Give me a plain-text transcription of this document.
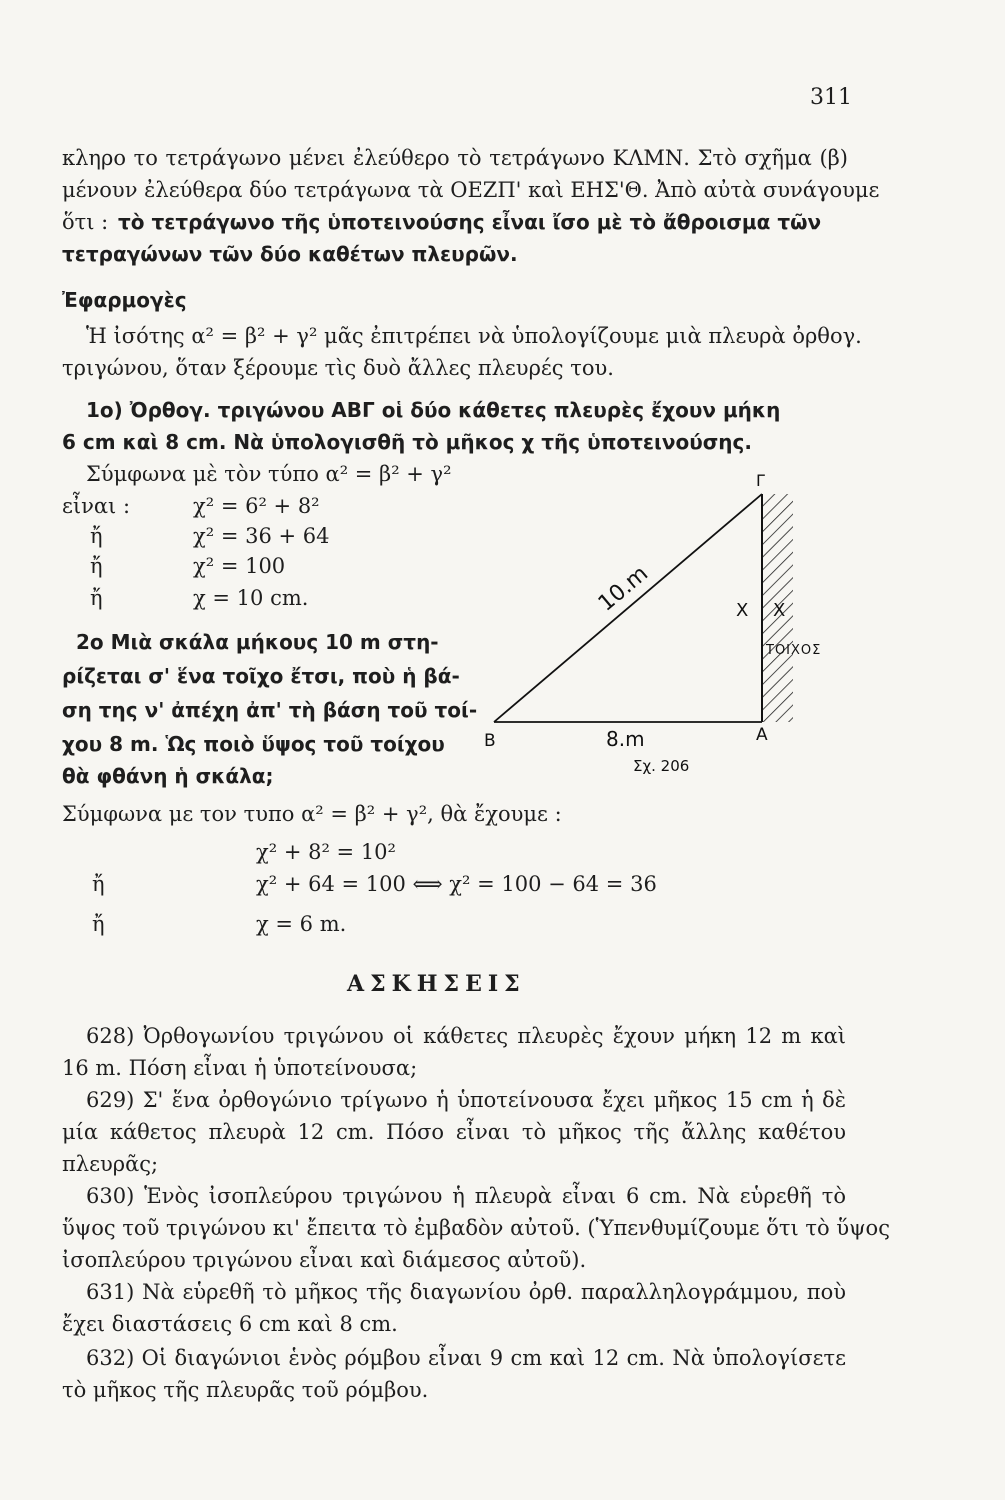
311
κληρο το τετράγωνο μένει ἐλεύθερο τὸ τετράγωνο ΚΛΜΝ. Στὸ σχῆμα (β)
μένουν ἐλεύθερα δύο τετράγωνα τὰ ΟΕΖΠ' καὶ ΕΗΣ'Θ. Ἀπὸ αὐτὰ συνάγουμε
ὅτι : τὸ τετράγωνο τῆς ὑποτεινούσης εἶναι ἴσο μὲ τὸ ἄθροισμα τῶν
τετραγώνων τῶν δύο καθέτων πλευρῶν.
Ἐφαρμογὲς
Ἡ ἰσότης α² = β² + γ² μᾶς ἐπιτρέπει νὰ ὑπολογίζουμε μιὰ πλευρὰ ὀρθογ.
τριγώνου, ὅταν ξέρουμε τὶς δυὸ ἄλλες πλευρές του.
1ο) Ὀρθογ. τριγώνου ΑΒΓ οἱ δύο κάθετες πλευρὲς ἔχουν μήκη
6 cm καὶ 8 cm. Νὰ ὑπολογισθῆ τὸ μῆκος χ τῆς ὑποτεινούσης.
Σύμφωνα μὲ τὸν τύπο α² = β² + γ²
εἶναι :	χ² = 6² + 8²
ἤ	χ² = 36 + 64
ἤ	χ² = 100
ἤ	χ = 10 cm.
2ο Μιὰ σκάλα μήκους 10 m στη-
ρίζεται σ' ἕνα τοῖχο ἔτσι, ποὺ ἡ βά-
ση της ν' ἀπέχη ἀπ' τὴ βάση τοῦ τοί-
χου 8 m. Ὡς ποιὸ ὕψος τοῦ τοίχου
θὰ φθάνη ἡ σκάλα;
Γ
Α
Β
10.m
8.m
Χ Χ
ΤΟΙΧΟΣ
Σχ. 206
Σύμφωνα με τον τυπο α² = β² + γ², θὰ ἔχουμε :
χ² + 8² = 10²
ἤ	χ² + 64 = 100 ⟺ χ² = 100 − 64 = 36
ἤ	χ = 6 m.
ΑΣΚΗΣΕΙΣ
628) Ὀρθογωνίου τριγώνου οἱ κάθετες πλευρὲς ἔχουν μήκη 12 m καὶ
16 m. Πόση εἶναι ἡ ὑποτείνουσα;
629) Σ' ἕνα ὀρθογώνιο τρίγωνο ἡ ὑποτείνουσα ἔχει μῆκος 15 cm ἡ δὲ
μία κάθετος πλευρὰ 12 cm. Πόσο εἶναι τὸ μῆκος τῆς ἄλλης καθέτου
πλευρᾶς;
630) Ἑνὸς ἰσοπλεύρου τριγώνου ἡ πλευρὰ εἶναι 6 cm. Νὰ εὑρεθῆ τὸ
ὕψος τοῦ τριγώνου κι' ἔπειτα τὸ ἐμβαδὸν αὐτοῦ. (Ὑπενθυμίζουμε ὅτι τὸ ὕψος
ἰσοπλεύρου τριγώνου εἶναι καὶ διάμεσος αὐτοῦ).
631) Νὰ εὑρεθῆ τὸ μῆκος τῆς διαγωνίου ὀρθ. παραλληλογράμμου, ποὺ
ἔχει διαστάσεις 6 cm καὶ 8 cm.
632) Οἱ διαγώνιοι ἑνὸς ρόμβου εἶναι 9 cm καὶ 12 cm. Νὰ ὑπολογίσετε
τὸ μῆκος τῆς πλευρᾶς τοῦ ρόμβου.
